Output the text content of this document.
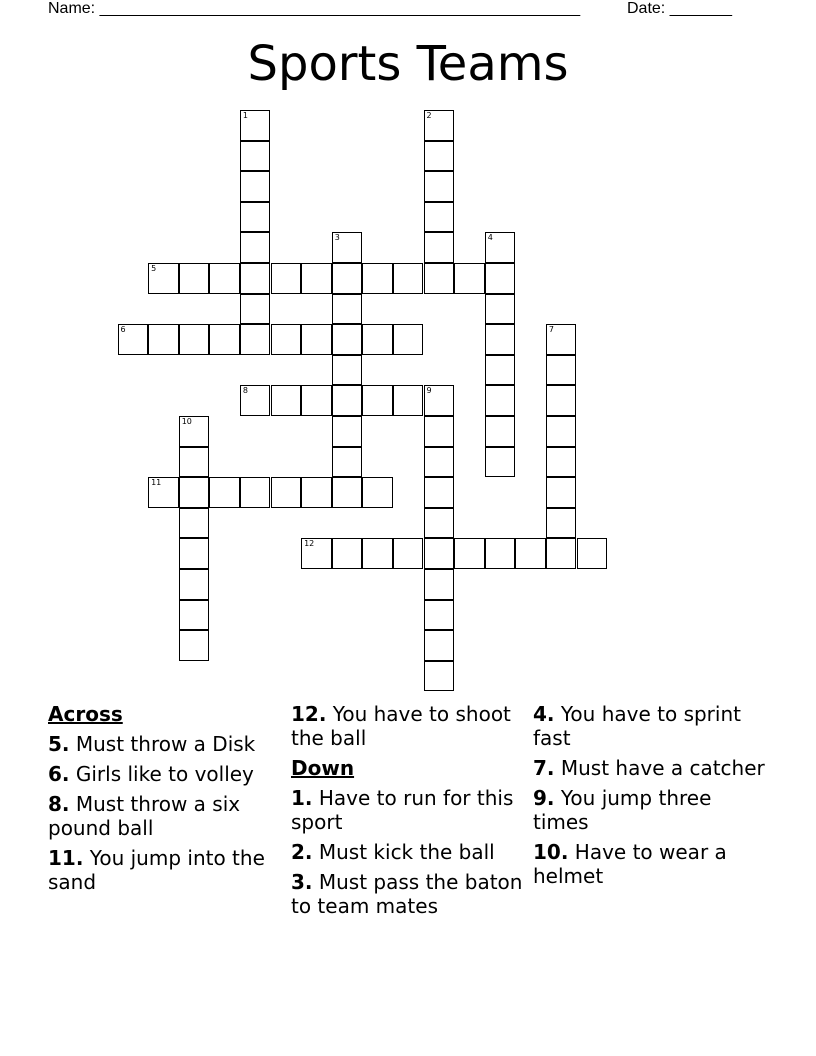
Name: ______________________________________________________	Date: _______
Sports Teams
1	2
3	4
5
6	7
8	9
10
11
12
Across
5. Must throw a Disk
6. Girls like to volley
8. Must throw a six pound ball
11. You jump into the sand
12. You have to shoot the ball
Down
1. Have to run for this sport
2. Must kick the ball
3. Must pass the baton to team mates
4. You have to sprint fast
7. Must have a catcher
9. You jump three times
10. Have to wear a helmet
